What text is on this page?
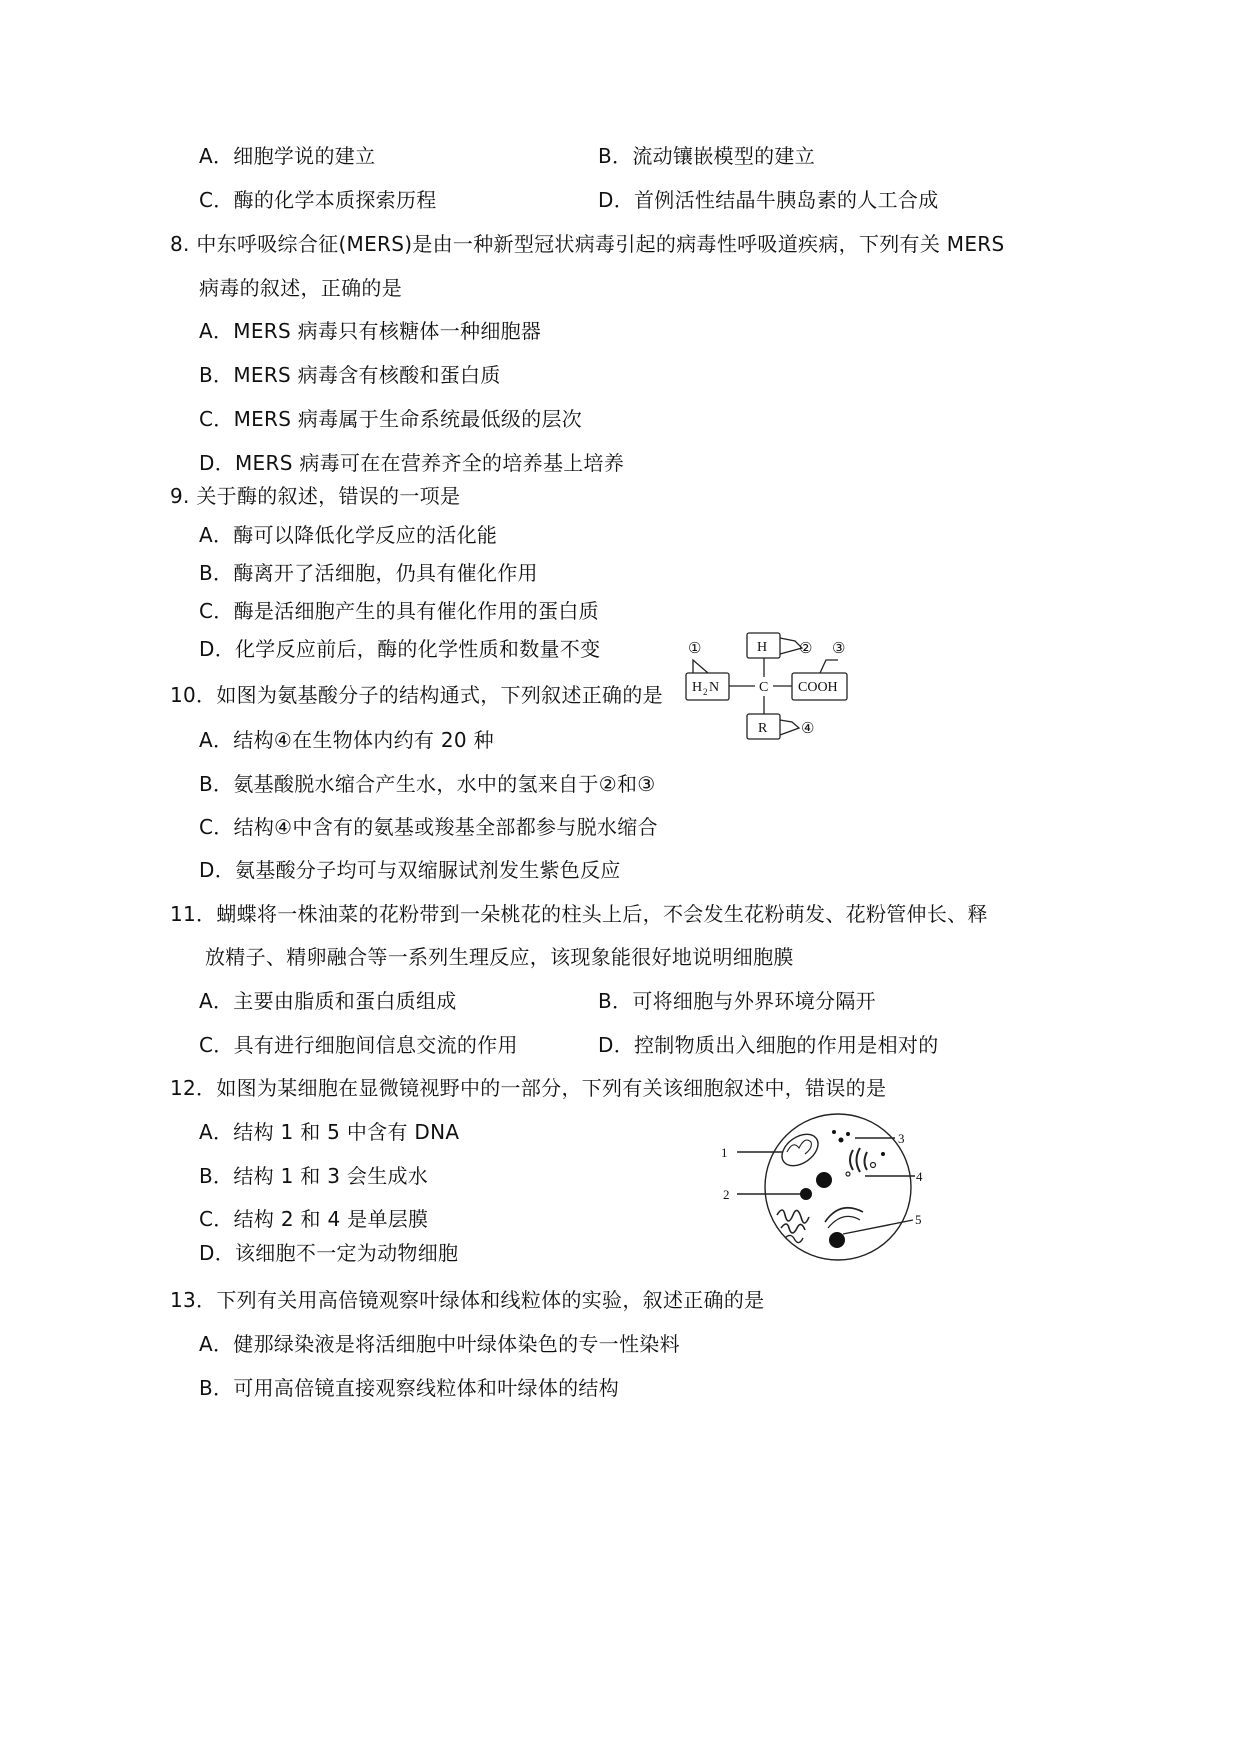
A．细胞学说的建立	B．流动镶嵌模型的建立
C．酶的化学本质探索历程	D．首例活性结晶牛胰岛素的人工合成
8. 中东呼吸综合征(MERS)是由一种新型冠状病毒引起的病毒性呼吸道疾病，下列有关 MERS
病毒的叙述，正确的是
A．MERS 病毒只有核糖体一种细胞器
B．MERS 病毒含有核酸和蛋白质
C．MERS 病毒属于生命系统最低级的层次
D．MERS 病毒可在在营养齐全的培养基上培养
9. 关于酶的叙述，错误的一项是
A．酶可以降低化学反应的活化能
B．酶离开了活细胞，仍具有催化作用
C．酶是活细胞产生的具有催化作用的蛋白质
D．化学反应前后，酶的化学性质和数量不变
10．如图为氨基酸分子的结构通式，下列叙述正确的是
A．结构④在生物体内约有 20 种
B．氨基酸脱水缩合产生水，水中的氢来自于②和③
C．结构④中含有的氨基或羧基全部都参与脱水缩合
D．氨基酸分子均可与双缩脲试剂发生紫色反应
①	② ③
④
H
C
H 2 N	COOH
R
11．蝴蝶将一株油菜的花粉带到一朵桃花的柱头上后，不会发生花粉萌发、花粉管伸长、释
放精子、精卵融合等一系列生理反应，该现象能很好地说明细胞膜
A．主要由脂质和蛋白质组成	B．可将细胞与外界环境分隔开
C．具有进行细胞间信息交流的作用	D．控制物质出入细胞的作用是相对的
12．如图为某细胞在显微镜视野中的一部分，下列有关该细胞叙述中，错误的是
A．结构 1 和 5 中含有 DNA
B．结构 1 和 3 会生成水
C．结构 2 和 4 是单层膜
D．该细胞不一定为动物细胞
1
2
3
4
5
13．下列有关用高倍镜观察叶绿体和线粒体的实验，叙述正确的是
A．健那绿染液是将活细胞中叶绿体染色的专一性染料
B．可用高倍镜直接观察线粒体和叶绿体的结构
